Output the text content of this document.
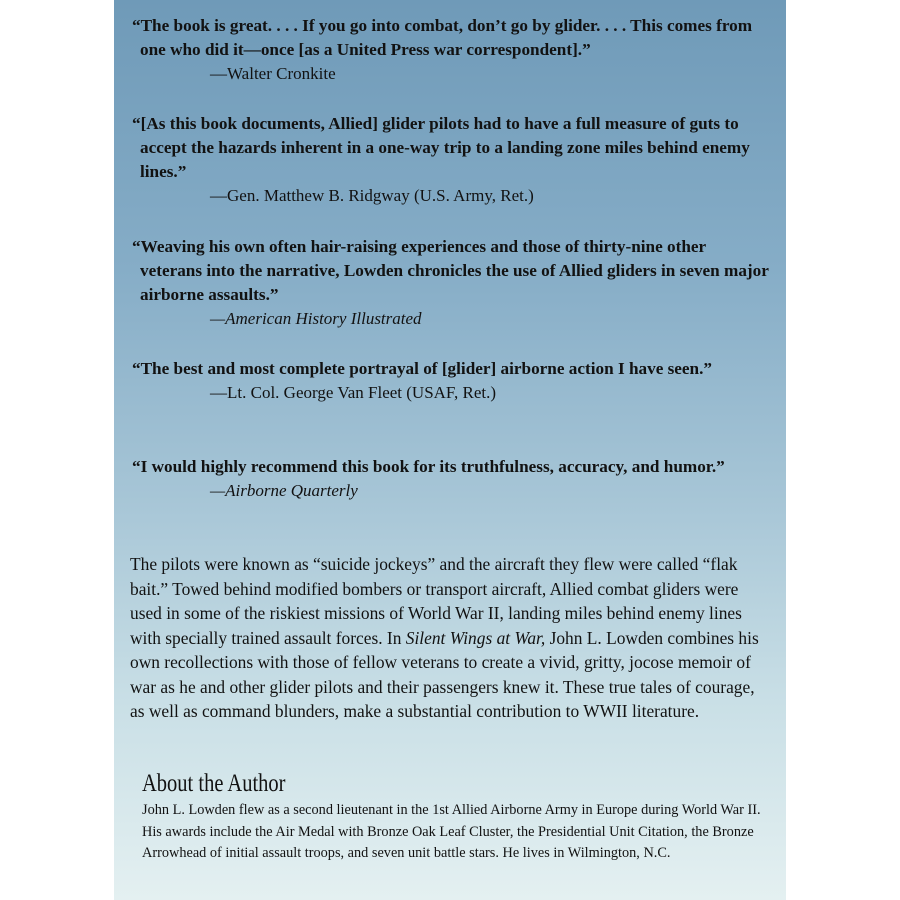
“The book is great. . . . If you go into combat, don’t go by glider. . . . This comes from one who did it—once [as a United Press war correspondent].”

—Walter Cronkite

“[As this book documents, Allied] glider pilots had to have a full measure of guts to accept the hazards inherent in a one-way trip to a landing zone miles behind enemy lines.”

—Gen. Matthew B. Ridgway (U.S. Army, Ret.)

“Weaving his own often hair-raising experiences and those of thirty-nine other veterans into the narrative, Lowden chronicles the use of Allied gliders in seven major airborne assaults.”

—American History Illustrated

“The best and most complete portrayal of [glider] airborne action I have seen.”

—Lt. Col. George Van Fleet (USAF, Ret.)

“I would highly recommend this book for its truthfulness, accuracy, and humor.”

—Airborne Quarterly

The pilots were known as “suicide jockeys” and the aircraft they flew were called “flak bait.” Towed behind modified bombers or transport aircraft, Allied combat gliders were used in some of the riskiest missions of World War II, landing miles behind enemy lines with specially trained assault forces. In Silent Wings at War, John L. Lowden combines his own recollections with those of fellow veterans to create a vivid, gritty, jocose memoir of war as he and other glider pilots and their passengers knew it. These true tales of courage, as well as command blunders, make a substantial contribution to WWII literature.

About the Author

John L. Lowden flew as a second lieutenant in the 1st Allied Airborne Army in Europe during World War II. His awards include the Air Medal with Bronze Oak Leaf Cluster, the Presidential Unit Citation, the Bronze Arrowhead of initial assault troops, and seven unit battle stars. He lives in Wilmington, N.C.
